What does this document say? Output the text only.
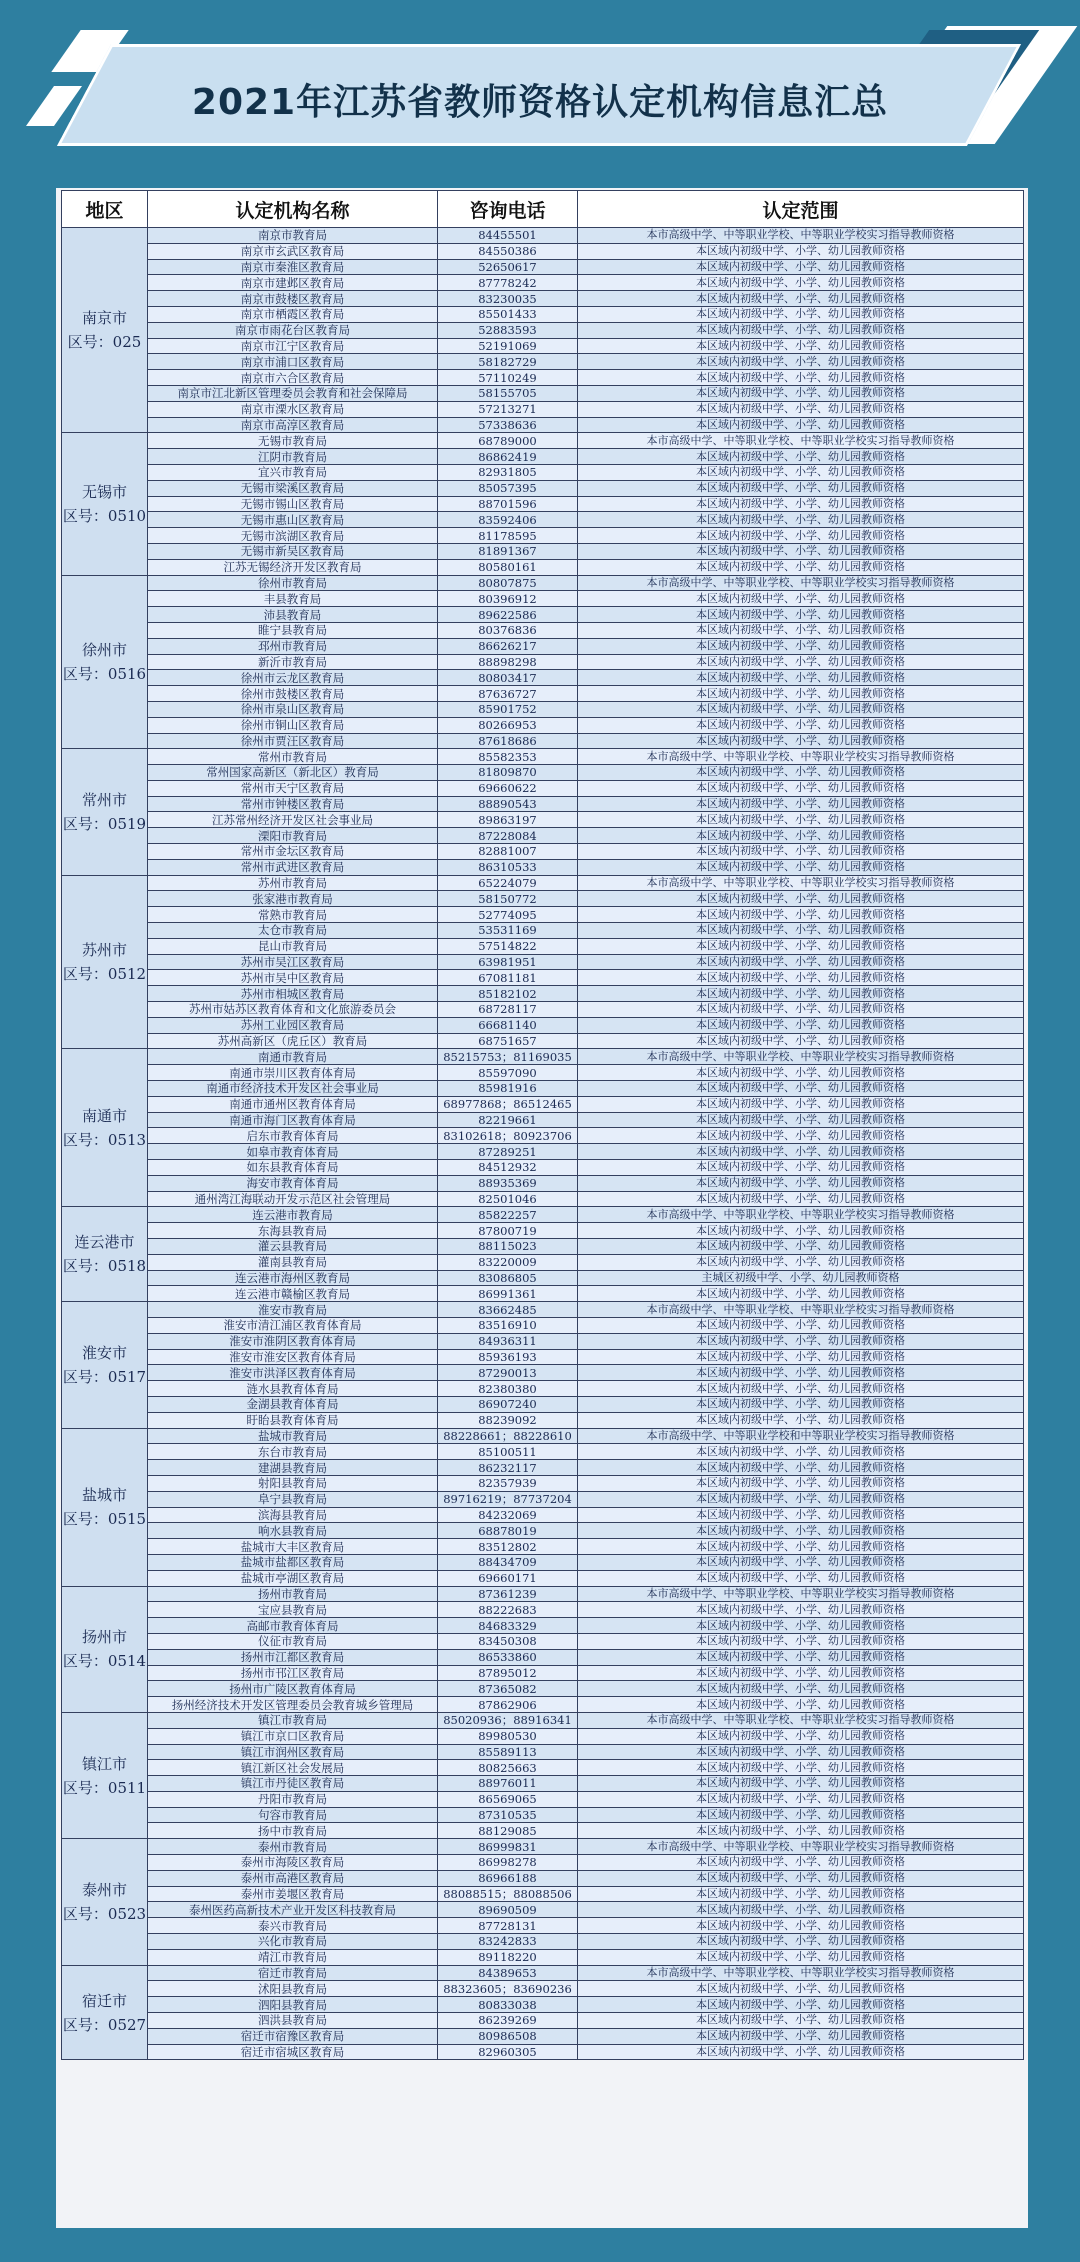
2021年江苏省教师资格认定机构信息汇总
地区	认定机构名称	咨询电话	认定范围

南京市
区号：025	南京市教育局	84455501	本市高级中学、中等职业学校、中等职业学校实习指导教师资格
	南京市玄武区教育局	84550386	本区域内初级中学、小学、幼儿园教师资格
	南京市秦淮区教育局	52650617	本区域内初级中学、小学、幼儿园教师资格
	南京市建邺区教育局	87778242	本区域内初级中学、小学、幼儿园教师资格
	南京市鼓楼区教育局	83230035	本区域内初级中学、小学、幼儿园教师资格
	南京市栖霞区教育局	85501433	本区域内初级中学、小学、幼儿园教师资格
	南京市雨花台区教育局	52883593	本区域内初级中学、小学、幼儿园教师资格
	南京市江宁区教育局	52191069	本区域内初级中学、小学、幼儿园教师资格
	南京市浦口区教育局	58182729	本区域内初级中学、小学、幼儿园教师资格
	南京市六合区教育局	57110249	本区域内初级中学、小学、幼儿园教师资格
	南京市江北新区管理委员会教育和社会保障局	58155705	本区域内初级中学、小学、幼儿园教师资格
	南京市溧水区教育局	57213271	本区域内初级中学、小学、幼儿园教师资格
	南京市高淳区教育局	57338636	本区域内初级中学、小学、幼儿园教师资格

无锡市
区号：0510	无锡市教育局	68789000	本市高级中学、中等职业学校、中等职业学校实习指导教师资格
	江阴市教育局	86862419	本区域内初级中学、小学、幼儿园教师资格
	宜兴市教育局	82931805	本区域内初级中学、小学、幼儿园教师资格
	无锡市梁溪区教育局	85057395	本区域内初级中学、小学、幼儿园教师资格
	无锡市锡山区教育局	88701596	本区域内初级中学、小学、幼儿园教师资格
	无锡市惠山区教育局	83592406	本区域内初级中学、小学、幼儿园教师资格
	无锡市滨湖区教育局	81178595	本区域内初级中学、小学、幼儿园教师资格
	无锡市新吴区教育局	81891367	本区域内初级中学、小学、幼儿园教师资格
	江苏无锡经济开发区教育局	80580161	本区域内初级中学、小学、幼儿园教师资格

徐州市
区号：0516	徐州市教育局	80807875	本市高级中学、中等职业学校、中等职业学校实习指导教师资格
	丰县教育局	80396912	本区域内初级中学、小学、幼儿园教师资格
	沛县教育局	89622586	本区域内初级中学、小学、幼儿园教师资格
	睢宁县教育局	80376836	本区域内初级中学、小学、幼儿园教师资格
	邳州市教育局	86626217	本区域内初级中学、小学、幼儿园教师资格
	新沂市教育局	88898298	本区域内初级中学、小学、幼儿园教师资格
	徐州市云龙区教育局	80803417	本区域内初级中学、小学、幼儿园教师资格
	徐州市鼓楼区教育局	87636727	本区域内初级中学、小学、幼儿园教师资格
	徐州市泉山区教育局	85901752	本区域内初级中学、小学、幼儿园教师资格
	徐州市铜山区教育局	80266953	本区域内初级中学、小学、幼儿园教师资格
	徐州市贾汪区教育局	87618686	本区域内初级中学、小学、幼儿园教师资格

常州市
区号：0519	常州市教育局	85582353	本市高级中学、中等职业学校、中等职业学校实习指导教师资格
	常州国家高新区（新北区）教育局	81809870	本区域内初级中学、小学、幼儿园教师资格
	常州市天宁区教育局	69660622	本区域内初级中学、小学、幼儿园教师资格
	常州市钟楼区教育局	88890543	本区域内初级中学、小学、幼儿园教师资格
	江苏常州经济开发区社会事业局	89863197	本区域内初级中学、小学、幼儿园教师资格
	溧阳市教育局	87228084	本区域内初级中学、小学、幼儿园教师资格
	常州市金坛区教育局	82881007	本区域内初级中学、小学、幼儿园教师资格
	常州市武进区教育局	86310533	本区域内初级中学、小学、幼儿园教师资格

苏州市
区号：0512	苏州市教育局	65224079	本市高级中学、中等职业学校、中等职业学校实习指导教师资格
	张家港市教育局	58150772	本区域内初级中学、小学、幼儿园教师资格
	常熟市教育局	52774095	本区域内初级中学、小学、幼儿园教师资格
	太仓市教育局	53531169	本区域内初级中学、小学、幼儿园教师资格
	昆山市教育局	57514822	本区域内初级中学、小学、幼儿园教师资格
	苏州市吴江区教育局	63981951	本区域内初级中学、小学、幼儿园教师资格
	苏州市吴中区教育局	67081181	本区域内初级中学、小学、幼儿园教师资格
	苏州市相城区教育局	85182102	本区域内初级中学、小学、幼儿园教师资格
	苏州市姑苏区教育体育和文化旅游委员会	68728117	本区域内初级中学、小学、幼儿园教师资格
	苏州工业园区教育局	66681140	本区域内初级中学、小学、幼儿园教师资格
	苏州高新区（虎丘区）教育局	68751657	本区域内初级中学、小学、幼儿园教师资格

南通市
区号：0513	南通市教育局	85215753；81169035	本市高级中学、中等职业学校、中等职业学校实习指导教师资格
	南通市崇川区教育体育局	85597090	本区域内初级中学、小学、幼儿园教师资格
	南通市经济技术开发区社会事业局	85981916	本区域内初级中学、小学、幼儿园教师资格
	南通市通州区教育体育局	68977868；86512465	本区域内初级中学、小学、幼儿园教师资格
	南通市海门区教育体育局	82219661	本区域内初级中学、小学、幼儿园教师资格
	启东市教育体育局	83102618；80923706	本区域内初级中学、小学、幼儿园教师资格
	如皋市教育体育局	87289251	本区域内初级中学、小学、幼儿园教师资格
	如东县教育体育局	84512932	本区域内初级中学、小学、幼儿园教师资格
	海安市教育体育局	88935369	本区域内初级中学、小学、幼儿园教师资格
	通州湾江海联动开发示范区社会管理局	82501046	本区域内初级中学、小学、幼儿园教师资格

连云港市
区号：0518	连云港市教育局	85822257	本市高级中学、中等职业学校、中等职业学校实习指导教师资格
	东海县教育局	87800719	本区域内初级中学、小学、幼儿园教师资格
	灌云县教育局	88115023	本区域内初级中学、小学、幼儿园教师资格
	灌南县教育局	83220009	本区域内初级中学、小学、幼儿园教师资格
	连云港市海州区教育局	83086805	主城区初级中学、小学、幼儿园教师资格
	连云港市赣榆区教育局	86991361	本区域内初级中学、小学、幼儿园教师资格

淮安市
区号：0517	淮安市教育局	83662485	本市高级中学、中等职业学校、中等职业学校实习指导教师资格
	淮安市清江浦区教育体育局	83516910	本区域内初级中学、小学、幼儿园教师资格
	淮安市淮阴区教育体育局	84936311	本区域内初级中学、小学、幼儿园教师资格
	淮安市淮安区教育体育局	85936193	本区域内初级中学、小学、幼儿园教师资格
	淮安市洪泽区教育体育局	87290013	本区域内初级中学、小学、幼儿园教师资格
	涟水县教育体育局	82380380	本区域内初级中学、小学、幼儿园教师资格
	金湖县教育体育局	86907240	本区域内初级中学、小学、幼儿园教师资格
	盱眙县教育体育局	88239092	本区域内初级中学、小学、幼儿园教师资格

盐城市
区号：0515	盐城市教育局	88228661；88228610	本市高级中学、中等职业学校和中等职业学校实习指导教师资格
	东台市教育局	85100511	本区域内初级中学、小学、幼儿园教师资格
	建湖县教育局	86232117	本区域内初级中学、小学、幼儿园教师资格
	射阳县教育局	82357939	本区域内初级中学、小学、幼儿园教师资格
	阜宁县教育局	89716219；87737204	本区域内初级中学、小学、幼儿园教师资格
	滨海县教育局	84232069	本区域内初级中学、小学、幼儿园教师资格
	响水县教育局	68878019	本区域内初级中学、小学、幼儿园教师资格
	盐城市大丰区教育局	83512802	本区域内初级中学、小学、幼儿园教师资格
	盐城市盐都区教育局	88434709	本区域内初级中学、小学、幼儿园教师资格
	盐城市亭湖区教育局	69660171	本区域内初级中学、小学、幼儿园教师资格

扬州市
区号：0514	扬州市教育局	87361239	本市高级中学、中等职业学校、中等职业学校实习指导教师资格
	宝应县教育局	88222683	本区域内初级中学、小学、幼儿园教师资格
	高邮市教育体育局	84683329	本区域内初级中学、小学、幼儿园教师资格
	仪征市教育局	83450308	本区域内初级中学、小学、幼儿园教师资格
	扬州市江都区教育局	86533860	本区域内初级中学、小学、幼儿园教师资格
	扬州市邗江区教育局	87895012	本区域内初级中学、小学、幼儿园教师资格
	扬州市广陵区教育体育局	87365082	本区域内初级中学、小学、幼儿园教师资格
	扬州经济技术开发区管理委员会教育城乡管理局	87862906	本区域内初级中学、小学、幼儿园教师资格

镇江市
区号：0511	镇江市教育局	85020936；88916341	本市高级中学、中等职业学校、中等职业学校实习指导教师资格
	镇江市京口区教育局	89980530	本区域内初级中学、小学、幼儿园教师资格
	镇江市润州区教育局	85589113	本区域内初级中学、小学、幼儿园教师资格
	镇江新区社会发展局	80825663	本区域内初级中学、小学、幼儿园教师资格
	镇江市丹徒区教育局	88976011	本区域内初级中学、小学、幼儿园教师资格
	丹阳市教育局	86569065	本区域内初级中学、小学、幼儿园教师资格
	句容市教育局	87310535	本区域内初级中学、小学、幼儿园教师资格
	扬中市教育局	88129085	本区域内初级中学、小学、幼儿园教师资格

泰州市
区号：0523	泰州市教育局	86999831	本市高级中学、中等职业学校、中等职业学校实习指导教师资格
	泰州市海陵区教育局	86998278	本区域内初级中学、小学、幼儿园教师资格
	泰州市高港区教育局	86966188	本区域内初级中学、小学、幼儿园教师资格
	泰州市姜堰区教育局	88088515；88088506	本区域内初级中学、小学、幼儿园教师资格
	泰州医药高新技术产业开发区科技教育局	89690509	本区域内初级中学、小学、幼儿园教师资格
	泰兴市教育局	87728131	本区域内初级中学、小学、幼儿园教师资格
	兴化市教育局	83242833	本区域内初级中学、小学、幼儿园教师资格
	靖江市教育局	89118220	本区域内初级中学、小学、幼儿园教师资格

宿迁市
区号：0527	宿迁市教育局	84389653	本市高级中学、中等职业学校、中等职业学校实习指导教师资格
	沭阳县教育局	88323605；83690236	本区域内初级中学、小学、幼儿园教师资格
	泗阳县教育局	80833038	本区域内初级中学、小学、幼儿园教师资格
	泗洪县教育局	86239269	本区域内初级中学、小学、幼儿园教师资格
	宿迁市宿豫区教育局	80986508	本区域内初级中学、小学、幼儿园教师资格
	宿迁市宿城区教育局	82960305	本区域内初级中学、小学、幼儿园教师资格
